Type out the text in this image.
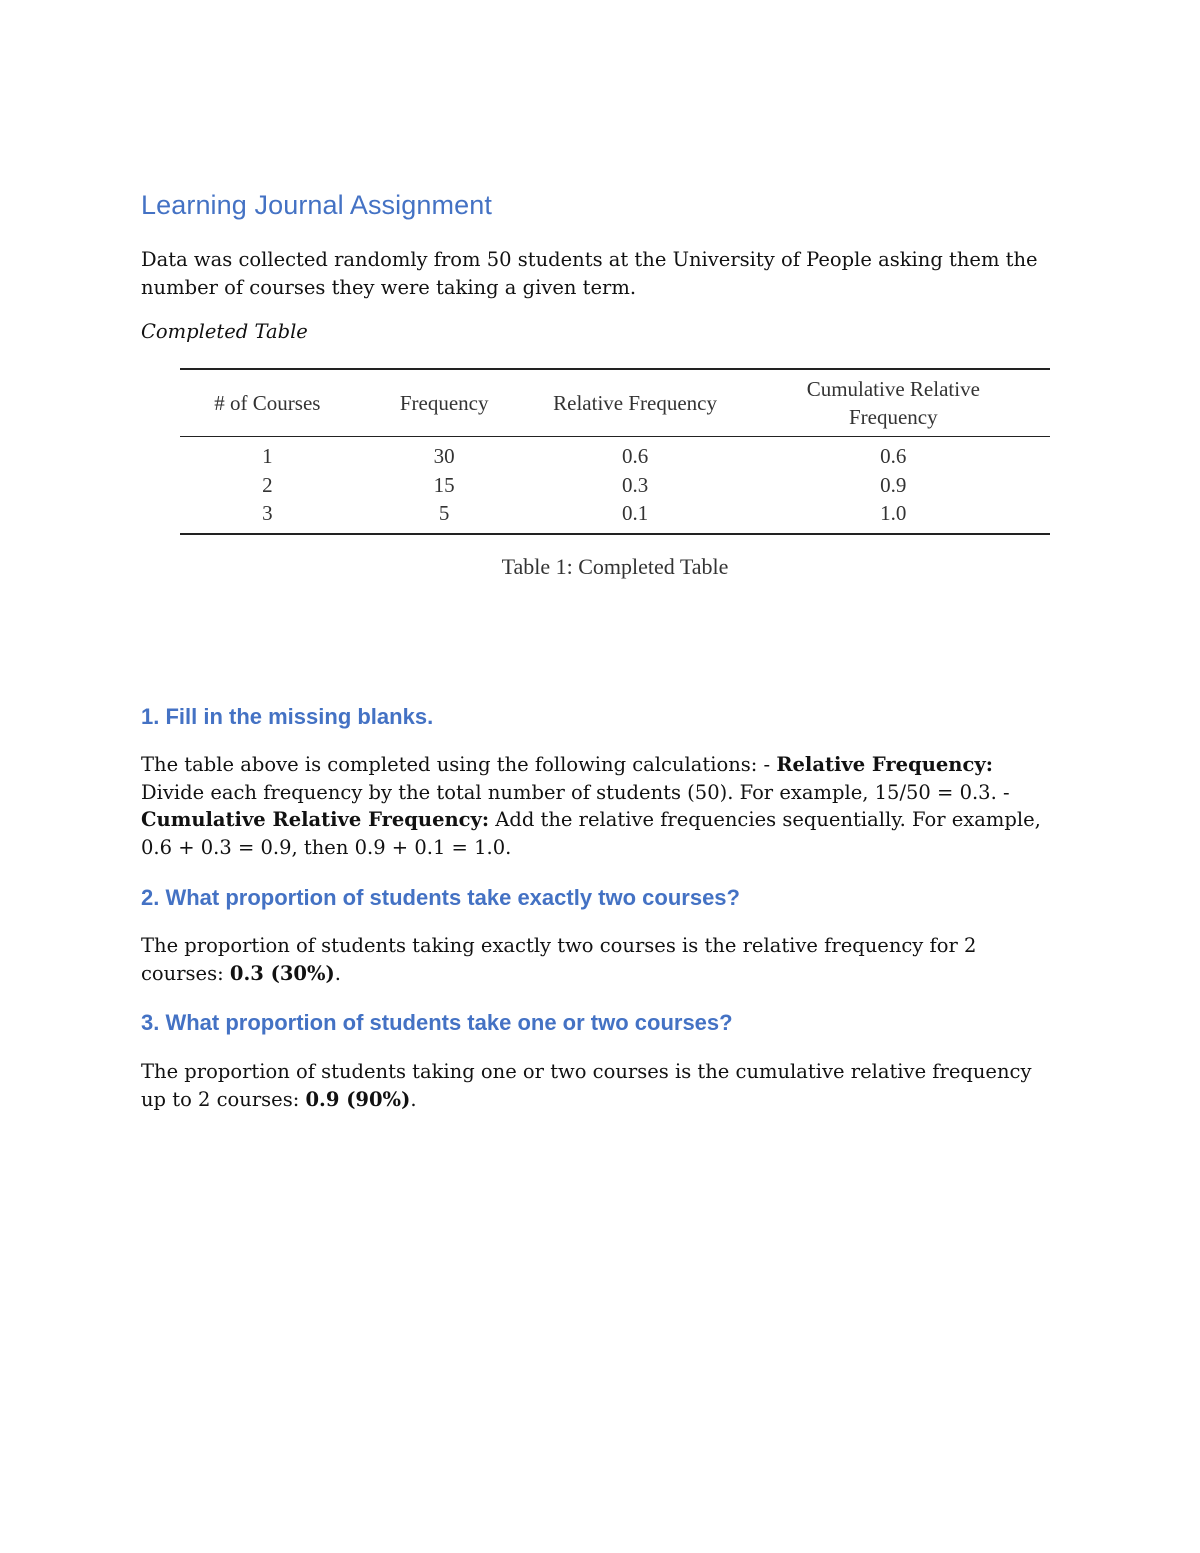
Learning Journal Assignment

Data was collected randomly from 50 students at the University of People asking them the number of courses they were taking a given term.

Completed Table

# of Courses	Frequency	Relative Frequency	Cumulative Relative Frequency
1	30	0.6	0.6
2	15	0.3	0.9
3	5	0.1	1.0
Table 1: Completed Table
1. Fill in the missing blanks.

The table above is completed using the following calculations: - Relative Frequency: Divide each frequency by the total number of students (50). For example, 15/50 = 0.3. - Cumulative Relative Frequency: Add the relative frequencies sequentially. For example, 0.6 + 0.3 = 0.9, then 0.9 + 0.1 = 1.0.

2. What proportion of students take exactly two courses?

The proportion of students taking exactly two courses is the relative frequency for 2 courses: 0.3 (30%).

3. What proportion of students take one or two courses?

The proportion of students taking one or two courses is the cumulative relative frequency up to 2 courses: 0.9 (90%).
